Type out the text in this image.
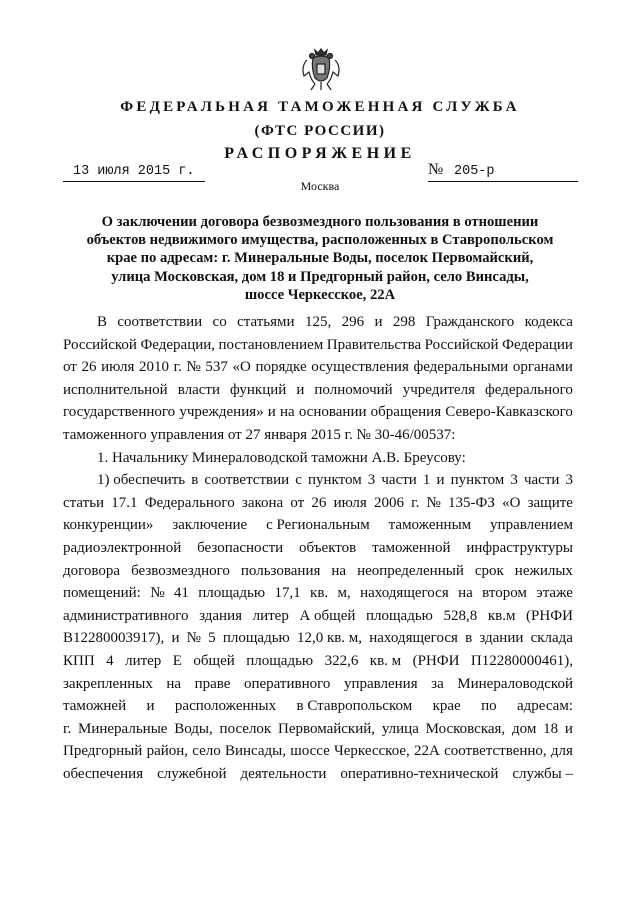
ФЕДЕРАЛЬНАЯ ТАМОЖЕННАЯ СЛУЖБА
(ФТС РОССИИ)
РАСПОРЯЖЕНИЕ
13 июля 2015 г.	№ 205-р
Москва
О заключении договора безвозмездного пользования в отношении
объектов недвижимого имущества, расположенных в Ставропольском
крае по адресам: г. Минеральные Воды, поселок Первомайский,
улица Московская, дом 18 и Предгорный район, село Винсады,
шоссе Черкесское, 22А
В соответствии со статьями 125, 296 и 298 Гражданского кодекса
Российской Федерации, постановлением Правительства Российской Федерации
от 26 июля 2010 г. № 537 «О порядке осуществления федеральными органами
исполнительной власти функций и полномочий учредителя федерального
государственного учреждения» и на основании обращения Северо-Кавказского
таможенного управления от 27 января 2015 г. № 30-46/00537:
1. Начальнику Минераловодской таможни А.В. Бреусову:
1) обеспечить в соответствии с пунктом 3 части 1 и пунктом 3 части 3
статьи 17.1 Федерального закона от 26 июля 2006 г. № 135-ФЗ «О защите
конкуренции» заключение с Региональным таможенным управлением
радиоэлектронной безопасности объектов таможенной инфраструктуры
договора безвозмездного пользования на неопределенный срок нежилых
помещений: № 41 площадью 17,1 кв. м, находящегося на втором этаже
административного здания литер А общей площадью 528,8 кв.м (РНФИ
В12280003917), и № 5 площадью 12,0 кв. м, находящегося в здании склада
КПП 4 литер Е общей площадью 322,6 кв. м (РНФИ П12280000461),
закрепленных на праве оперативного управления за Минераловодской
таможней и расположенных в Ставропольском крае по адресам:
г. Минеральные Воды, поселок Первомайский, улица Московская, дом 18 и
Предгорный район, село Винсады, шоссе Черкесское, 22А соответственно, для
обеспечения служебной деятельности оперативно-технической службы –
